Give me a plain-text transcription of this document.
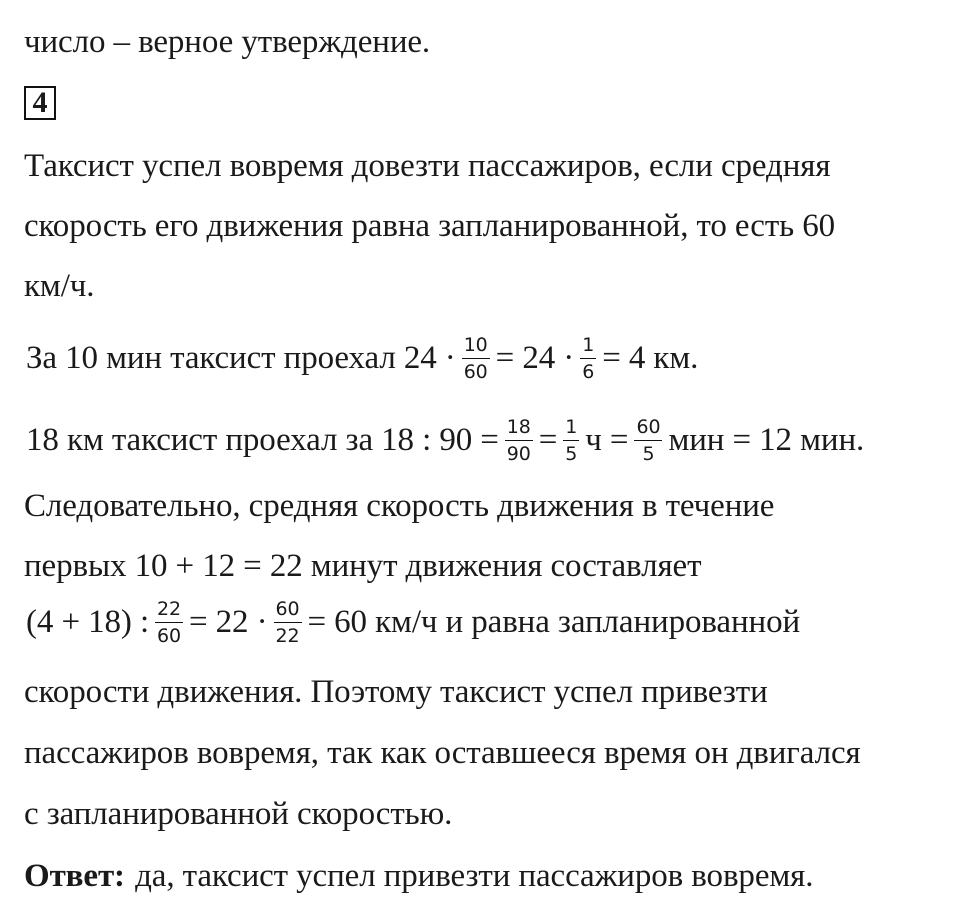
число – верное утверждение.
4
Таксист успел вовремя довезти пассажиров, если средняя
скорость его движения равна запланированной, то есть 60
км/ч.
За 10 мин таксист проехал $24 \cdot \frac{10}{60} = 24 \cdot \frac{1}{6} = 4$ км.
18 км таксист проехал за 18 : $90 = \frac{18}{90} = \frac{1}{5}$ $ч = \frac{60}{5}$ мин = 12 мин.
Следовательно, средняя скорость движения в течение
первых 10 + 12 = 22 минут движения составляет
(4 + 18) : $\frac{22}{60} = 22 \cdot \frac{60}{22} = 60$ км/ч и равна запланированной
скорости движения. Поэтому таксист успел привезти
пассажиров вовремя, так как оставшееся время он двигался
с запланированной скоростью.
Ответ: да, таксист успел привезти пассажиров вовремя.
